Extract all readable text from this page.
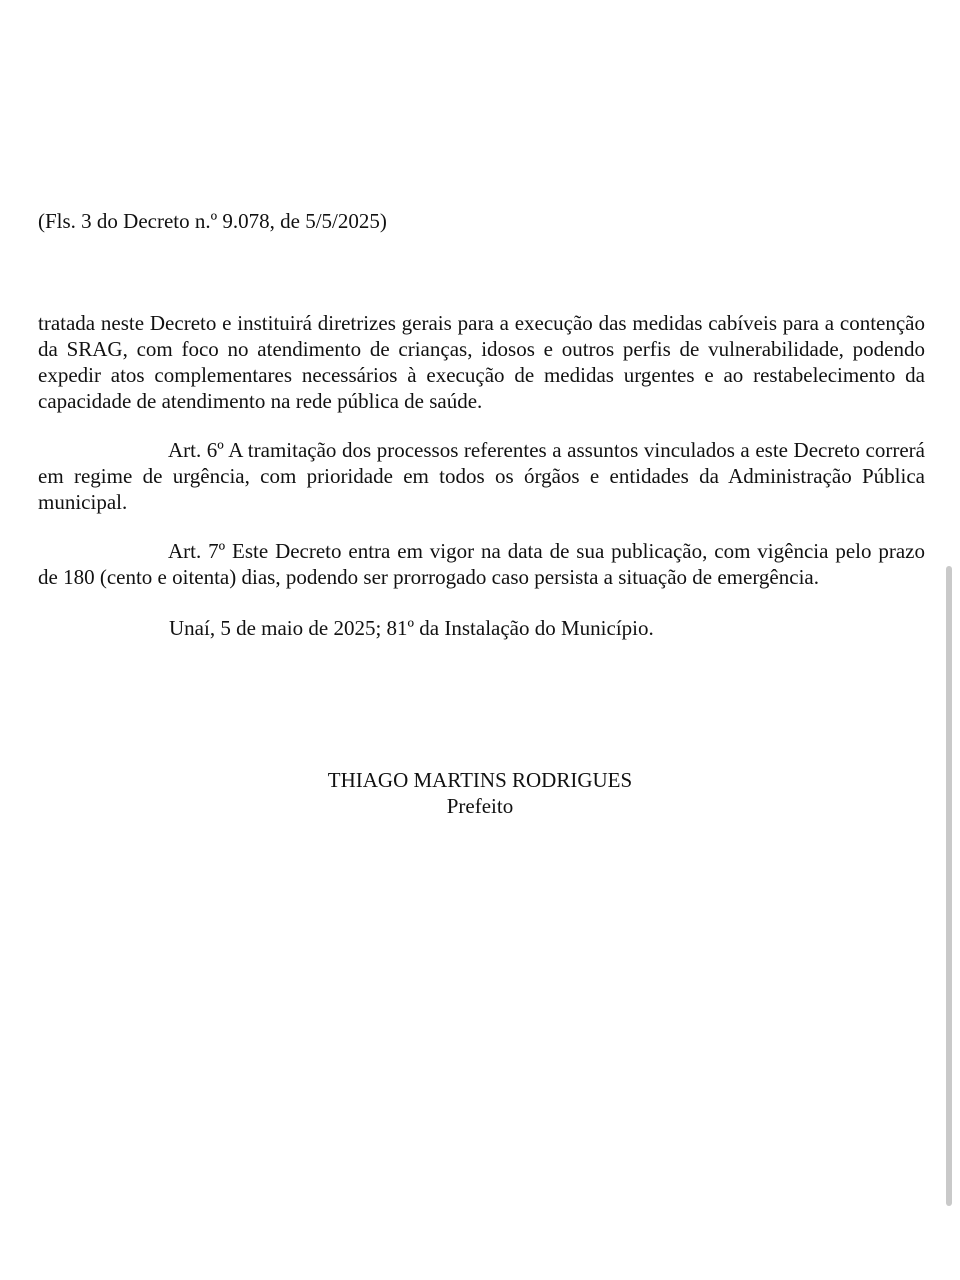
(Fls. 3 do Decreto n.º 9.078, de 5/5/2025)

tratada neste Decreto e instituirá diretrizes gerais para a execução das medidas cabíveis para a contenção da SRAG, com foco no atendimento de crianças, idosos e outros perfis de vulnerabilidade, podendo expedir atos complementares necessários à execução de medidas urgentes e ao restabelecimento da capacidade de atendimento na rede pública de saúde.

Art. 6º A tramitação dos processos referentes a assuntos vinculados a este Decreto correrá em regime de urgência, com prioridade em todos os órgãos e entidades da Administração Pública municipal.

Art. 7º Este Decreto entra em vigor na data de sua publicação, com vigência pelo prazo de 180 (cento e oitenta) dias, podendo ser prorrogado caso persista a situação de emergência.

Unaí, 5 de maio de 2025; 81º da Instalação do Município.

THIAGO MARTINS RODRIGUES
Prefeito
